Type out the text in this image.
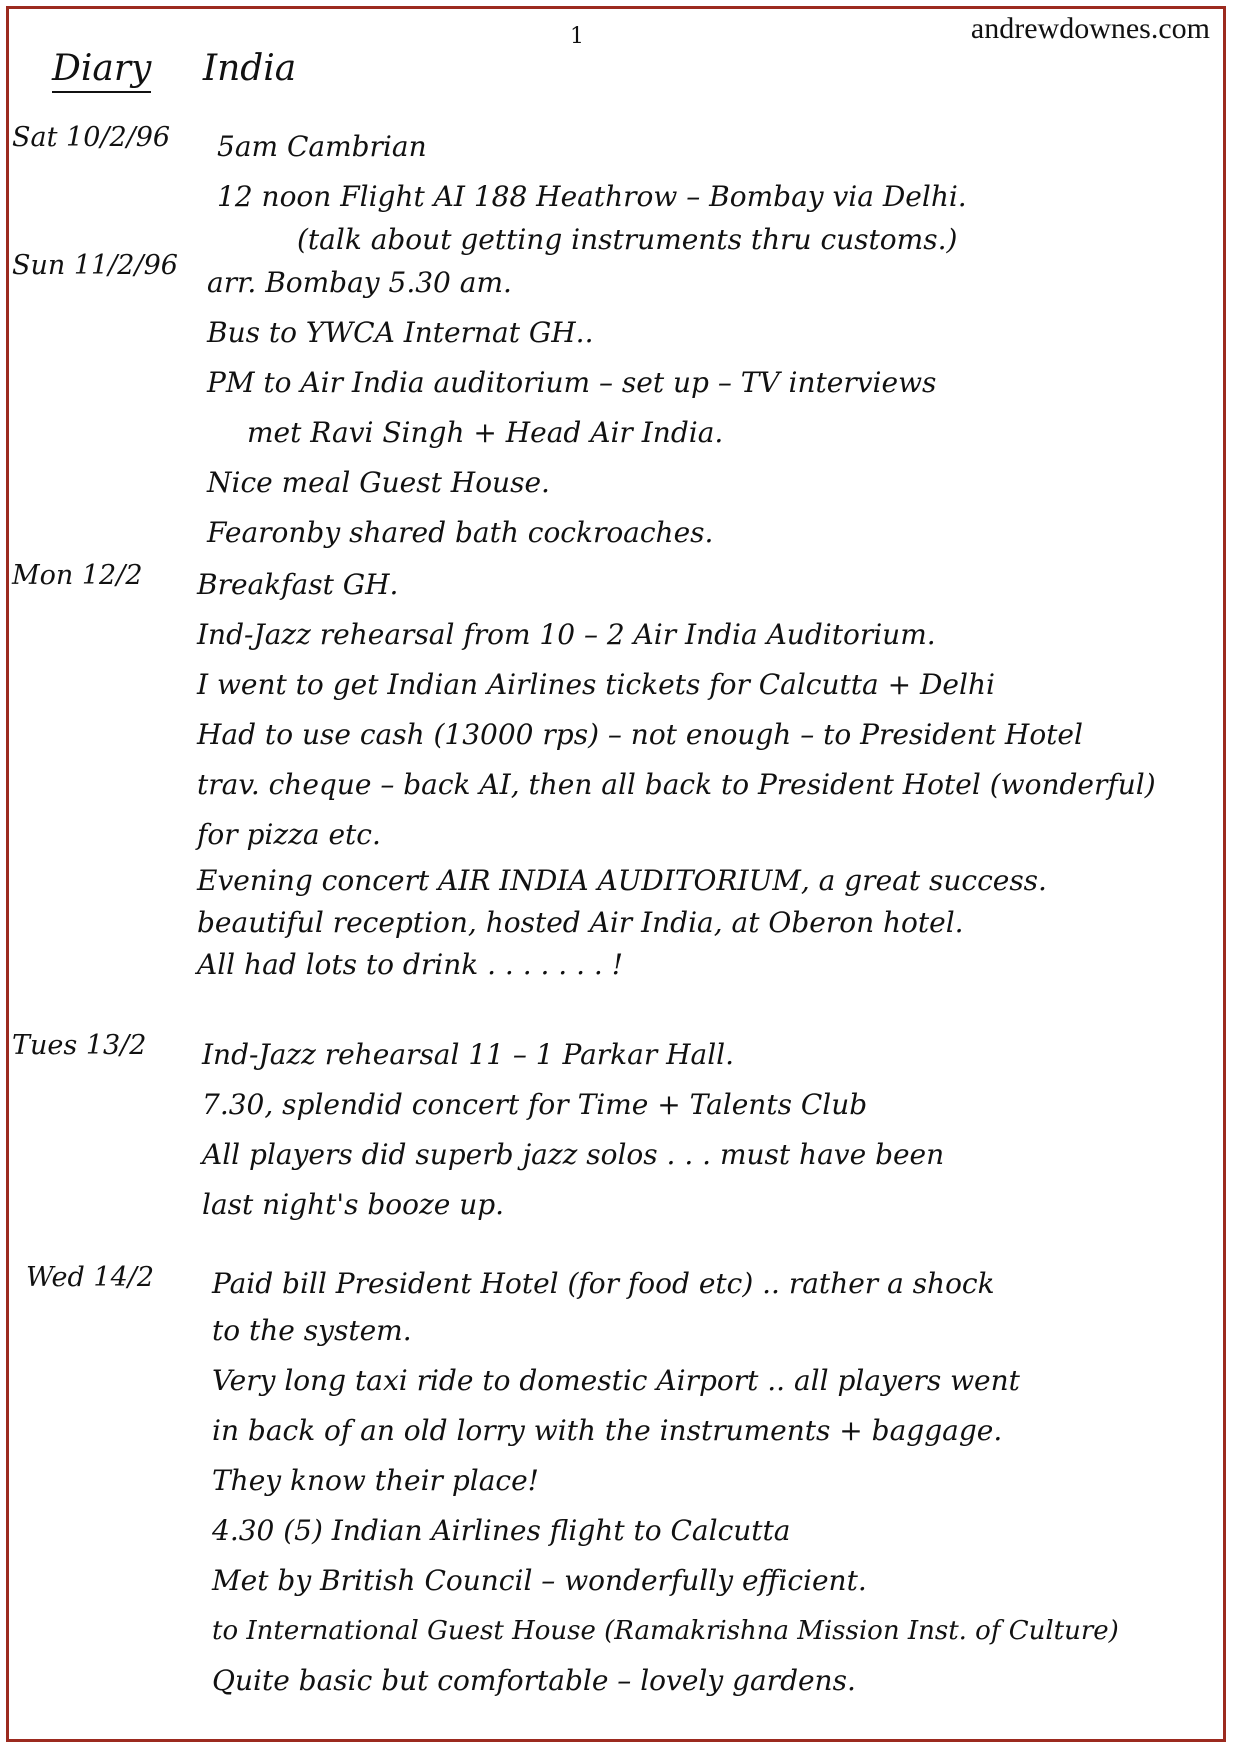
andrewdownes.com
1
Diary India
Sat 10/2/96 5am Cambrian
12 noon Flight AI 188 Heathrow – Bombay via Delhi.
Sun 11/2/96
(talk about getting instruments thru customs.)
arr. Bombay 5.30 am.
Bus to YWCA Internat GH..
PM to Air India auditorium – set up – TV interviews
met Ravi Singh + Head Air India.
Nice meal Guest House.
Fearonby shared bath cockroaches.
Mon 12/2 Breakfast GH.
Ind-Jazz rehearsal from 10 – 2 Air India Auditorium.
I went to get Indian Airlines tickets for Calcutta + Delhi
Had to use cash (13000 rps) – not enough – to President Hotel
trav. cheque – back AI, then all back to President Hotel (wonderful)
for pizza etc.
Evening concert AIR INDIA AUDITORIUM, a great success.
beautiful reception, hosted Air India, at Oberon hotel.
All had lots to drink . . . . . . . !
Tues 13/2 Ind-Jazz rehearsal 11 – 1 Parkar Hall.
7.30, splendid concert for Time + Talents Club
All players did superb jazz solos . . . must have been
last night's booze up.
Wed 14/2 Paid bill President Hotel (for food etc) .. rather a shock
to the system.
Very long taxi ride to domestic Airport .. all players went
in back of an old lorry with the instruments + baggage.
They know their place!
4.30 (5) Indian Airlines flight to Calcutta
Met by British Council – wonderfully efficient.
to International Guest House (Ramakrishna Mission Inst. of Culture)
Quite basic but comfortable – lovely gardens.
